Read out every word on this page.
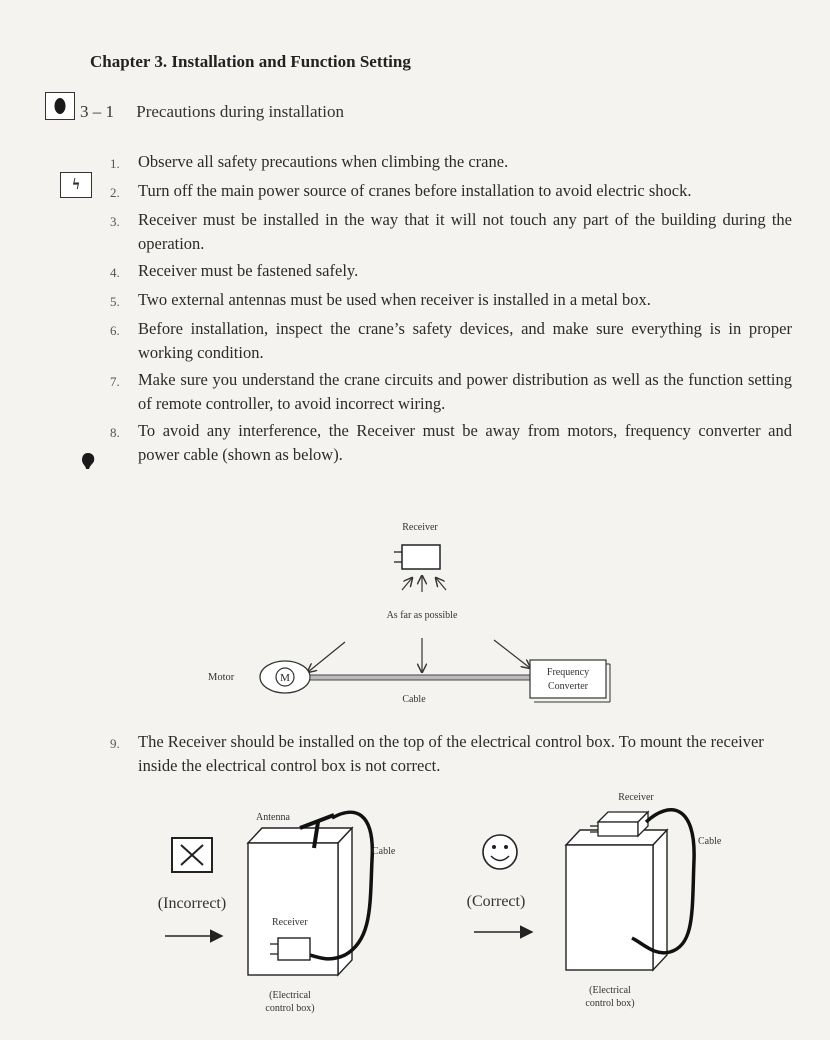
Chapter 3. Installation and Function Setting
3 – 1 Precautions during installation
ϟ
1.	Observe all safety precautions when climbing the crane.
2.	Turn off the main power source of cranes before installation to avoid electric shock.
3.	Receiver must be installed in the way that it will not touch any part of the building during the operation.
4.	Receiver must be fastened safely.
5.	Two external antennas must be used when receiver is installed in a metal box.
6.	Before installation, inspect the crane’s safety devices, and make sure everything is in proper working condition.
7.	Make sure you understand the crane circuits and power distribution as well as the function setting of remote controller, to avoid incorrect wiring.
8.	To avoid any interference, the Receiver must be away from motors, frequency converter and power cable (shown as below).
Receiver
As far as possible
Motor	M
Cable
Frequency
Converter
9.	The Receiver should be installed on the top of the electrical control box. To mount the receiver inside the electrical control box is not correct.
(Incorrect)
Antenna
Cable
Receiver
(Electrical
control box)
(Correct)
Receiver
Cable
(Electrical
control box)
